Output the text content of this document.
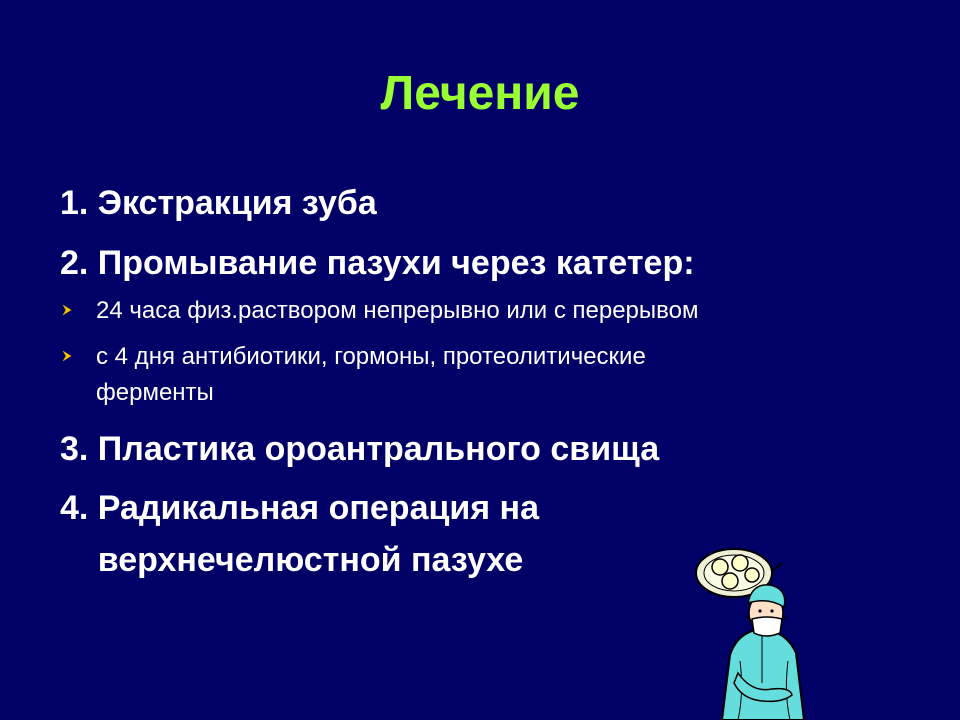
Лечение
1. Экстракция зуба
2. Промывание пазухи через катетер:
24 часа физ.раствором непрерывно или с перерывом
с 4 дня антибиотики, гормоны, протеолитические
ферменты
3. Пластика ороантрального свища
4. Радикальная операция на
верхнечелюстной пазухе
